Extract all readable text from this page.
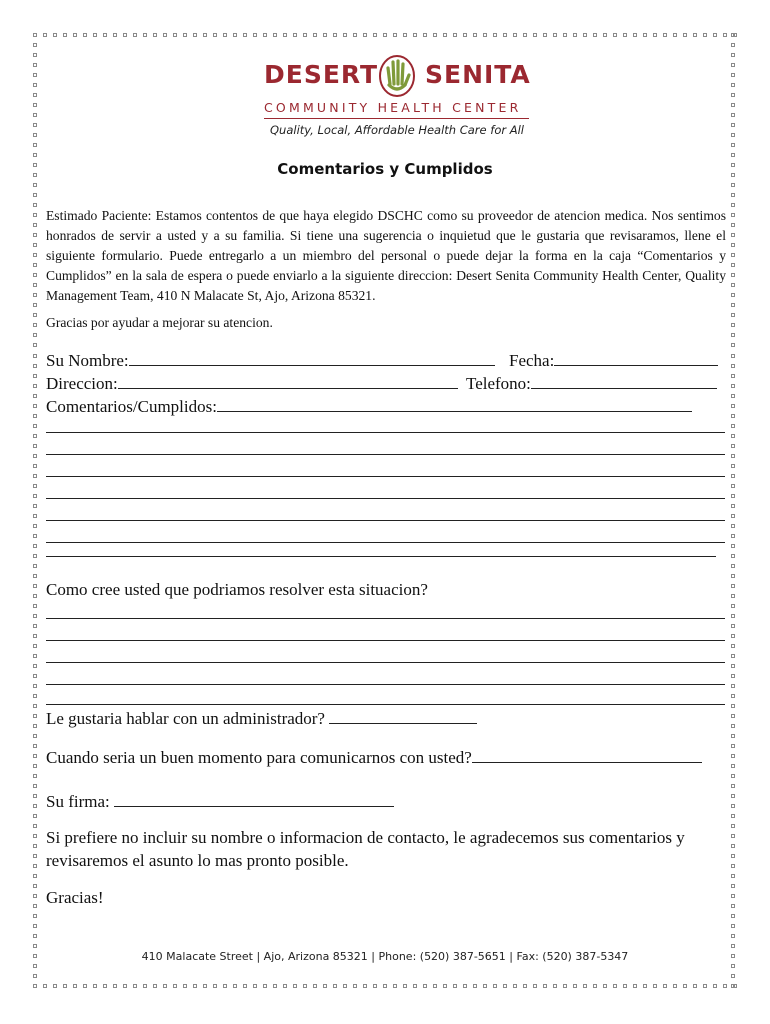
DESERT SENITA
COMMUNITY HEALTH CENTER
Quality, Local, Affordable Health Care for All
Comentarios y Cumplidos

Estimado Paciente: Estamos contentos de que haya elegido DSCHC como su proveedor de atencion medica. Nos sentimos honrados de servir a usted y a su familia. Si tiene una sugerencia o inquietud que le gustaria que revisaramos, llene el siguiente formulario. Puede entregarlo a un miembro del personal o puede dejar la forma en la caja “Comentarios y Cumplidos” en la sala de espera o puede enviarlo a la siguiente direccion: Desert Senita Community Health Center, Quality Management Team, 410 N Malacate St, Ajo, Arizona 85321.

Gracias por ayudar a mejorar su atencion.
Su Nombre:	Fecha:
Direccion:	Telefono:
Comentarios/Cumplidos:
Como cree usted que podriamos resolver esta situacion?
Le gustaria hablar con un administrador?
Cuando seria un buen momento para comunicarnos con usted?
Su firma:

Si prefiere no incluir su nombre o informacion de contacto, le agradecemos sus comentarios y revisaremos el asunto lo mas pronto posible.

Gracias!
410 Malacate Street | Ajo, Arizona 85321 | Phone: (520) 387-5651 | Fax: (520) 387-5347
